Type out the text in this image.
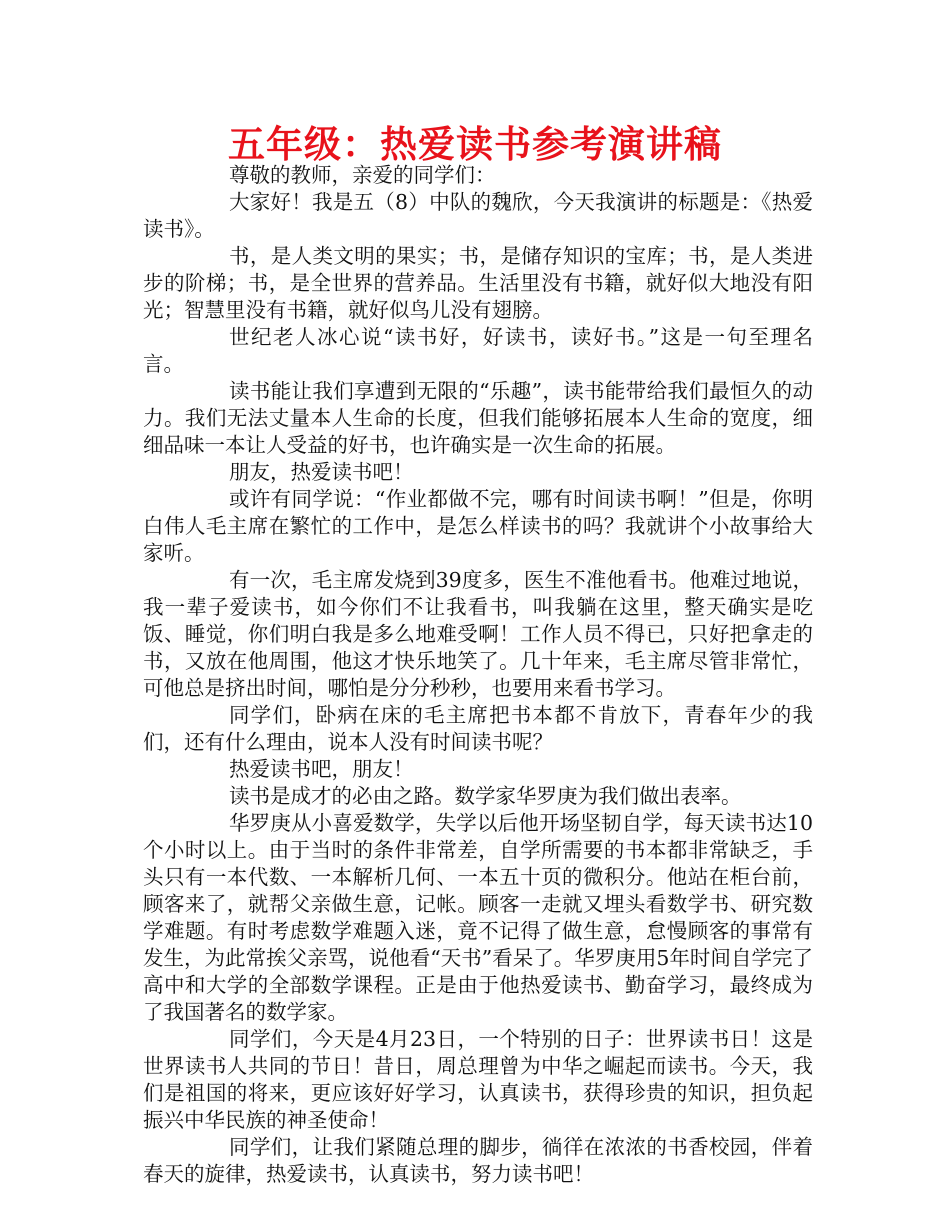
五年级：热爱读书参考演讲稿

尊敬的教师，亲爱的同学们：

大家好！我是五（8）中队的魏欣，今天我演讲的标题是：《热爱读书》。

书，是人类文明的果实；书，是储存知识的宝库；书，是人类进步的阶梯；书，是全世界的营养品。生活里没有书籍，就好似大地没有阳光；智慧里没有书籍，就好似鸟儿没有翅膀。

世纪老人冰心说“读书好，好读书，读好书。”这是一句至理名言。

读书能让我们享遭到无限的“乐趣”，读书能带给我们最恒久的动力。我们无法丈量本人生命的长度，但我们能够拓展本人生命的宽度，细细品味一本让人受益的好书，也许确实是一次生命的拓展。

朋友，热爱读书吧！

或许有同学说：“作业都做不完，哪有时间读书啊！”但是，你明白伟人毛主席在繁忙的工作中，是怎么样读书的吗？我就讲个小故事给大家听。

有一次，毛主席发烧到39度多，医生不准他看书。他难过地说，我一辈子爱读书，如今你们不让我看书，叫我躺在这里，整天确实是吃饭、睡觉，你们明白我是多么地难受啊！工作人员不得已，只好把拿走的书，又放在他周围，他这才快乐地笑了。几十年来，毛主席尽管非常忙，可他总是挤出时间，哪怕是分分秒秒，也要用来看书学习。

同学们，卧病在床的毛主席把书本都不肯放下，青春年少的我们，还有什么理由，说本人没有时间读书呢？

热爱读书吧，朋友！

读书是成才的必由之路。数学家华罗庚为我们做出表率。

华罗庚从小喜爱数学，失学以后他开场坚韧自学，每天读书达10个小时以上。由于当时的条件非常差，自学所需要的书本都非常缺乏，手头只有一本代数、一本解析几何、一本五十页的微积分。他站在柜台前，顾客来了，就帮父亲做生意，记帐。顾客一走就又埋头看数学书、研究数学难题。有时考虑数学难题入迷，竟不记得了做生意，怠慢顾客的事常有发生，为此常挨父亲骂，说他看“天书”看呆了。华罗庚用5年时间自学完了高中和大学的全部数学课程。正是由于他热爱读书、勤奋学习，最终成为了我国著名的数学家。

同学们，今天是4月23日，一个特别的日子：世界读书日！这是世界读书人共同的节日！昔日，周总理曾为中华之崛起而读书。今天，我们是祖国的将来，更应该好好学习，认真读书，获得珍贵的知识，担负起振兴中华民族的神圣使命！

同学们，让我们紧随总理的脚步，徜徉在浓浓的书香校园，伴着春天的旋律，热爱读书，认真读书，努力读书吧！
